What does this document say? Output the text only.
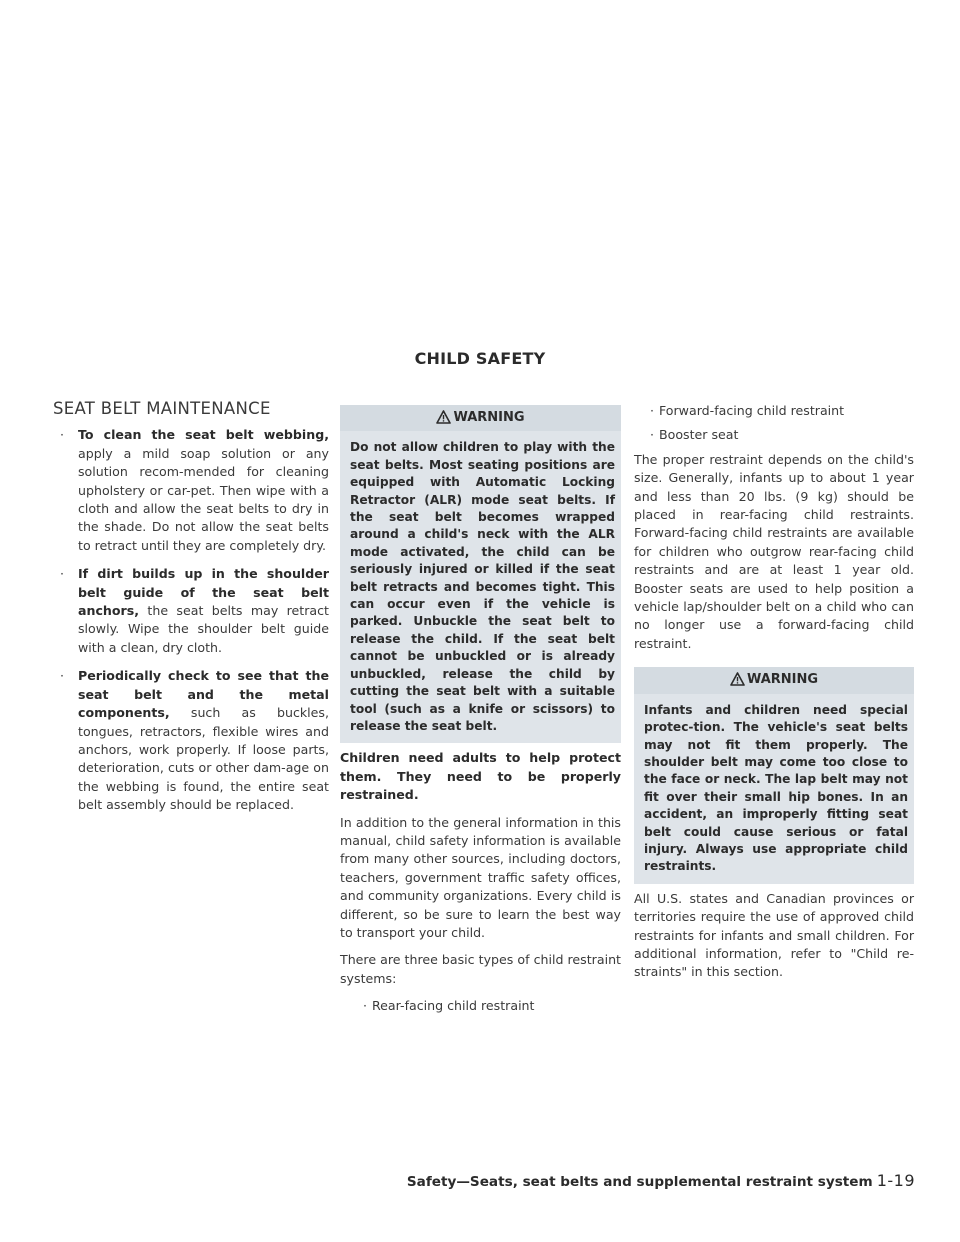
CHILD SAFETY
SEAT BELT MAINTENANCE
· To clean the seat belt webbing, apply a mild soap solution or any solution recom-mended for cleaning upholstery or car-pet. Then wipe with a cloth and allow the seat belts to dry in the shade. Do not allow the seat belts to retract until they are completely dry.
· If dirt builds up in the shoulder belt guide of the seat belt anchors, the seat belts may retract slowly. Wipe the shoulder belt guide with a clean, dry cloth.
· Periodically check to see that the seat belt and the metal components, such as buckles, tongues, retractors, flexible wires and anchors, work properly. If loose parts, deterioration, cuts or other dam-age on the webbing is found, the entire seat belt assembly should be replaced.
WARNING
Do not allow children to play with the seat belts. Most seating positions are equipped with Automatic Locking Retractor (ALR) mode seat belts. If the seat belt becomes wrapped around a child's neck with the ALR mode activated, the child can be seriously injured or killed if the seat belt retracts and becomes tight. This can occur even if the vehicle is parked. Unbuckle the seat belt to release the child. If the seat belt cannot be unbuckled or is already unbuckled, release the child by cutting the seat belt with a suitable tool (such as a knife or scissors) to release the seat belt.

Children need adults to help protect them. They need to be properly restrained.

In addition to the general information in this manual, child safety information is available from many other sources, including doctors, teachers, government traffic safety offices, and community organizations. Every child is different, so be sure to learn the best way to transport your child.

There are three basic types of child restraint systems:

· Rear-facing child restraint
· Forward-facing child restraint
· Booster seat

The proper restraint depends on the child's size. Generally, infants up to about 1 year and less than 20 lbs. (9 kg) should be placed in rear-facing child restraints. Forward-facing child restraints are available for children who outgrow rear-facing child restraints and are at least 1 year old. Booster seats are used to help position a vehicle lap/shoulder belt on a child who can no longer use a forward-facing child restraint.

WARNING
Infants and children need special protec-tion. The vehicle's seat belts may not fit them properly. The shoulder belt may come too close to the face or neck. The lap belt may not fit over their small hip bones. In an accident, an improperly fitting seat belt could cause serious or fatal injury. Always use appropriate child restraints.

All U.S. states and Canadian provinces or territories require the use of approved child restraints for infants and small children. For additional information, refer to "Child re-straints" in this section.

Safety—Seats, seat belts and supplemental restraint system 1-19
